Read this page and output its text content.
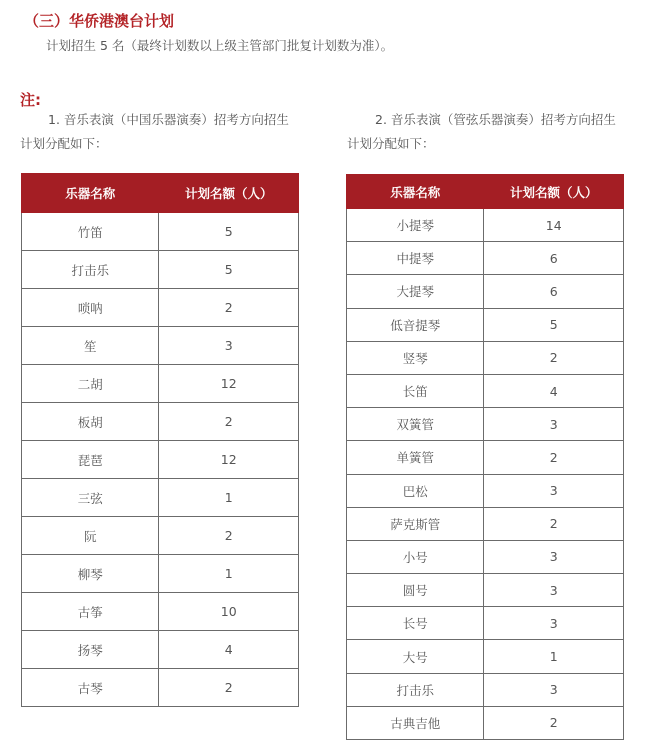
（三）华侨港澳台计划
计划招生 5 名（最终计划数以上级主管部门批复计划数为准）。
注:
1. 音乐表演（中国乐器演奏）招考方向招生
计划分配如下：
2. 音乐表演（管弦乐器演奏）招考方向招生
计划分配如下：
乐器名称	计划名额（人）
竹笛	5
打击乐	5
唢呐	2
笙	3
二胡	12
板胡	2
琵琶	12
三弦	1
阮	2
柳琴	1
古筝	10
扬琴	4
古琴	2
乐器名称	计划名额（人）
小提琴	14
中提琴	6
大提琴	6
低音提琴	5
竖琴	2
长笛	4
双簧管	3
单簧管	2
巴松	3
萨克斯管	2
小号	3
圆号	3
长号	3
大号	1
打击乐	3
古典吉他	2
